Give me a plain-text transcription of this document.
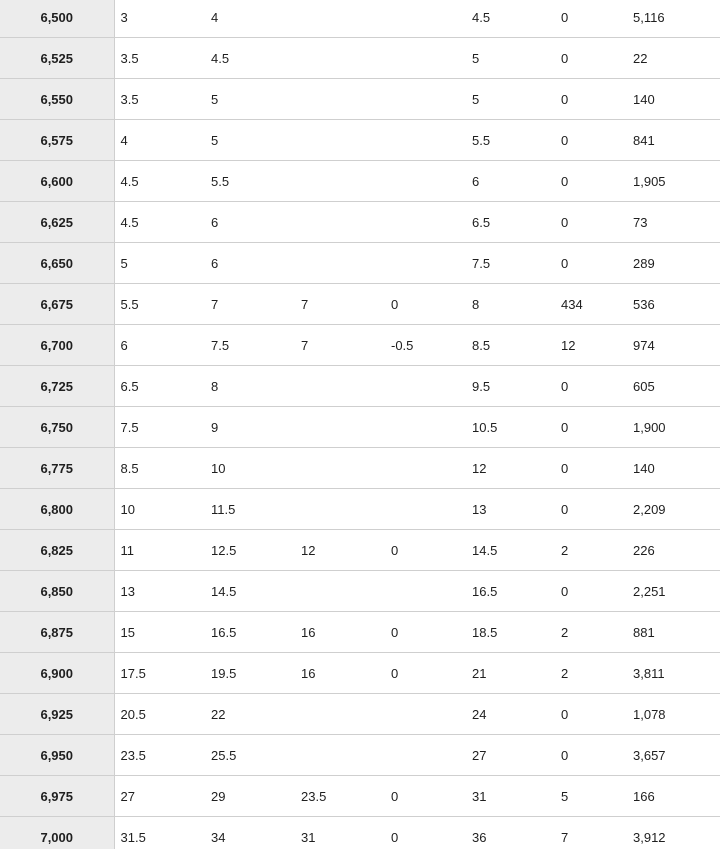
6,500	3	4			4.5	0	5,116
6,525	3.5	4.5			5	0	22
6,550	3.5	5			5	0	140
6,575	4	5			5.5	0	841
6,600	4.5	5.5			6	0	1,905
6,625	4.5	6			6.5	0	73
6,650	5	6			7.5	0	289
6,675	5.5	7	7	0	8	434	536
6,700	6	7.5	7	-0.5	8.5	12	974
6,725	6.5	8			9.5	0	605
6,750	7.5	9			10.5	0	1,900
6,775	8.5	10			12	0	140
6,800	10	11.5			13	0	2,209
6,825	11	12.5	12	0	14.5	2	226
6,850	13	14.5			16.5	0	2,251
6,875	15	16.5	16	0	18.5	2	881
6,900	17.5	19.5	16	0	21	2	3,811
6,925	20.5	22			24	0	1,078
6,950	23.5	25.5			27	0	3,657
6,975	27	29	23.5	0	31	5	166
7,000	31.5	34	31	0	36	7	3,912
